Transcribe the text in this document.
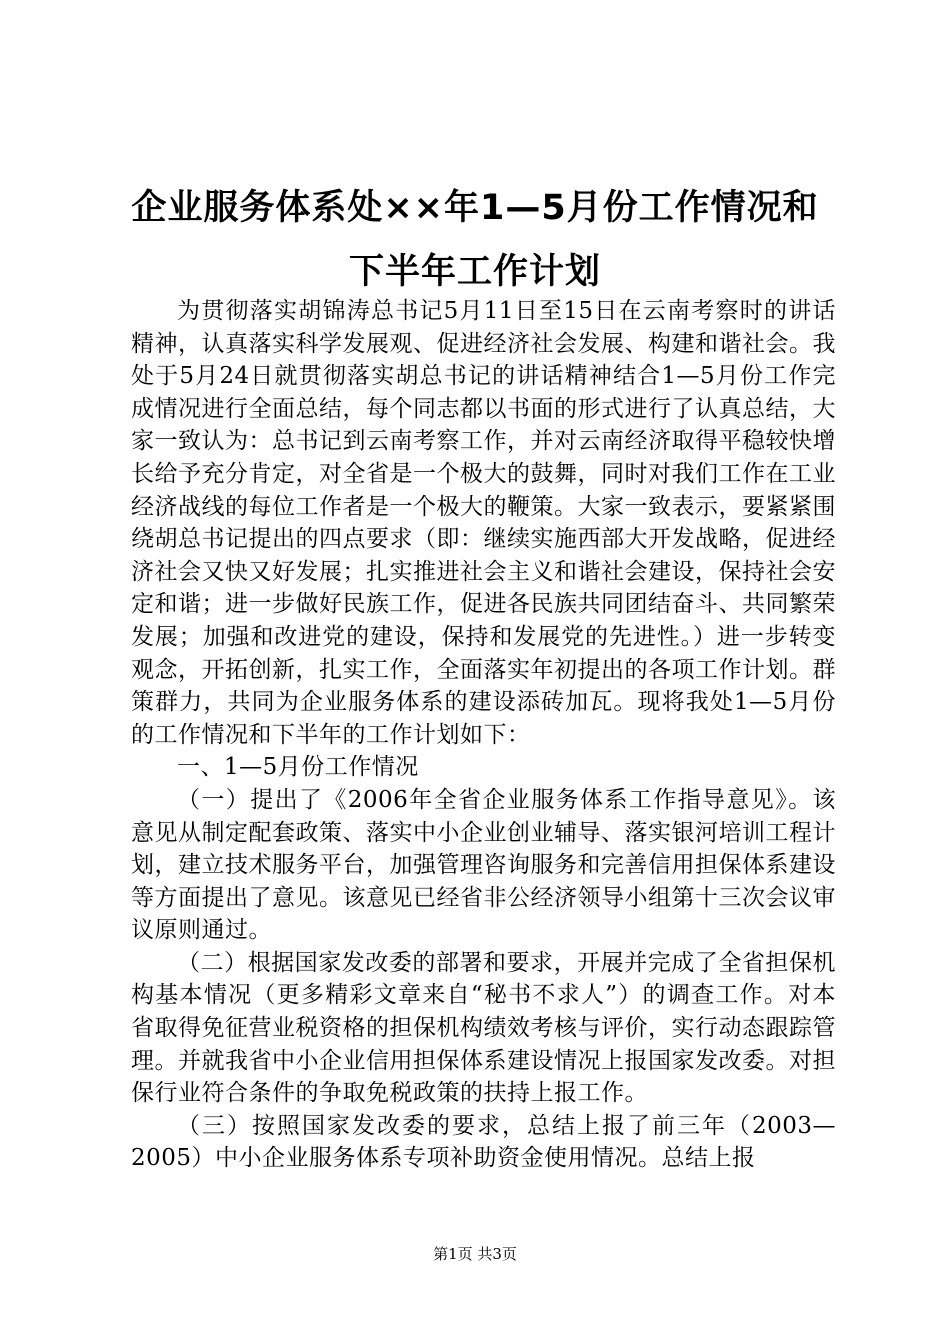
企业服务体系处××年1—5月份工作情况和
下半年工作计划

为贯彻落实胡锦涛总书记5月11日至15日在云南考察时的讲话精神，认真落实科学发展观、促进经济社会发展、构建和谐社会。我处于5月24日就贯彻落实胡总书记的讲话精神结合1—5月份工作完成情况进行全面总结，每个同志都以书面的形式进行了认真总结，大家一致认为：总书记到云南考察工作，并对云南经济取得平稳较快增长给予充分肯定，对全省是一个极大的鼓舞，同时对我们工作在工业经济战线的每位工作者是一个极大的鞭策。大家一致表示，要紧紧围绕胡总书记提出的四点要求（即：继续实施西部大开发战略，促进经济社会又快又好发展；扎实推进社会主义和谐社会建设，保持社会安定和谐；进一步做好民族工作，促进各民族共同团结奋斗、共同繁荣发展；加强和改进党的建设，保持和发展党的先进性。）进一步转变观念，开拓创新，扎实工作，全面落实年初提出的各项工作计划。群策群力，共同为企业服务体系的建设添砖加瓦。现将我处1—5月份的工作情况和下半年的工作计划如下：

一、1—5月份工作情况

（一）提出了《2006年全省企业服务体系工作指导意见》。该意见从制定配套政策、落实中小企业创业辅导、落实银河培训工程计划，建立技术服务平台，加强管理咨询服务和完善信用担保体系建设等方面提出了意见。该意见已经省非公经济领导小组第十三次会议审议原则通过。

（二）根据国家发改委的部署和要求，开展并完成了全省担保机构基本情况（更多精彩文章来自“秘书不求人”）的调查工作。对本省取得免征营业税资格的担保机构绩效考核与评价，实行动态跟踪管理。并就我省中小企业信用担保体系建设情况上报国家发改委。对担保行业符合条件的争取免税政策的扶持上报工作。

（三）按照国家发改委的要求，总结上报了前三年（2003—2005）中小企业服务体系专项补助资金使用情况。总结上报

第1页 共3页
